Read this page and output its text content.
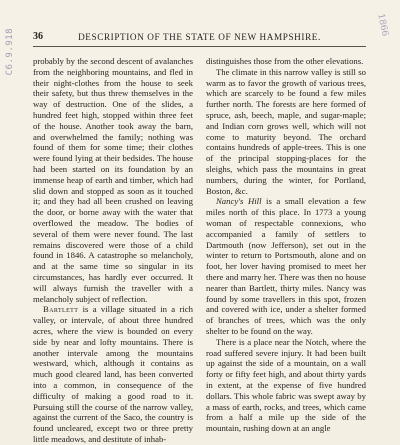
C6.9.918
1866
36	DESCRIPTION OF THE STATE OF NEW HAMPSHIRE.

probably by the second descent of avalanches from the neighboring mountains, and fled in their night-clothes from the house to seek their safety, but thus threw themselves in the way of destruction. One of the slides, a hundred feet high, stopped within three feet of the house. Another took away the barn, and overwhelmed the family; nothing was found of them for some time; their clothes were found lying at their bedsides. The house had been started on its foundation by an immense heap of earth and timber, which had slid down and stopped as soon as it touched it; and they had all been crushed on leaving the door, or borne away with the water that overflowed the meadow. The bodies of several of them were never found. The last remains discovered were those of a child found in 1846. A catastrophe so melancholy, and at the same time so singular in its circumstances, has hardly ever occurred. It will always furnish the traveller with a melancholy subject of reflection.

Bartlett is a village situated in a rich valley, or intervale, of about three hundred acres, where the view is bounded on every side by near and lofty mountains. There is another intervale among the mountains westward, which, although it contains as much good cleared land, has been converted into a common, in consequence of the difficulty of making a good road to it. Pursuing still the course of the narrow valley, against the current of the Saco, the country is found uncleared, except two or three pretty little meadows, and destitute of inhab-

distinguishes those from the other elevations.

The climate in this narrow valley is still so warm as to favor the growth of various trees, which are scarcely to be found a few miles further north. The forests are here formed of spruce, ash, beech, maple, and sugar-maple; and Indian corn grows well, which will not come to maturity beyond. The orchard contains hundreds of apple-trees. This is one of the principal stopping-places for the sleighs, which pass the mountains in great numbers, during the winter, for Portland, Boston, &c.

Nancy's Hill is a small elevation a few miles north of this place. In 1773 a young woman of respectable connexions, who accompanied a family of settlers to Dartmouth (now Jefferson), set out in the winter to return to Portsmouth, alone and on foot, her lover having promised to meet her there and marry her. There was then no house nearer than Bartlett, thirty miles. Nancy was found by some travellers in this spot, frozen and covered with ice, under a shelter formed of branches of trees, which was the only shelter to be found on the way.

There is a place near the Notch, where the road suffered severe injury. It had been built up against the side of a mountain, on a wall forty or fifty feet high, and about thirty yards in extent, at the expense of five hundred dollars. This whole fabric was swept away by a mass of earth, rocks, and trees, which came from a half a mile up the side of the mountain, rushing down at an angle
